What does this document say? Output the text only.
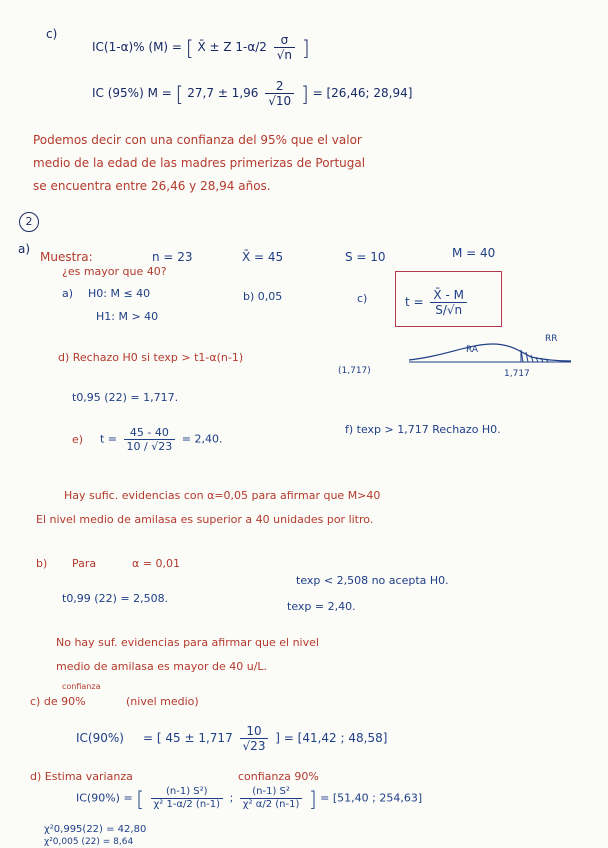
c)
IC(1-α)% (M) = [ X̄ ± Z $1-\alpha/2 \frac{\sigma}{√n}$ ]
IC (95%) M = [ $27,7 \pm 1,96 \frac{2}{√10}$ ] = [26,46; 28,94]
Podemos decir con una confianza del 95% que el valor
medio de la edad de las madres primerizas de Portugal
se encuentra entre 26,46 y 28,94 años.
2
a)
Muestra:	n = 23	X̄ = 45	S = 10	M = 40
¿es mayor que 40?
a) H0: M ≤ 40
H1: M > 40
b) 0,05	c)	$t = \frac{X̄ - M}{S/√n}$
d) Rechazo H0 si texp > t1-α(n-1)
(1,717)
RA
RR
1,717
t0,95 (22) = 1,717.
e) $t = \frac{45 - 40}{10 / √23} = 2,40$.
f) texp > 1,717 Rechazo H0.
Hay sufic. evidencias con α=0,05 para afirmar que M>40
El nivel medio de amilasa es superior a 40 unidades por litro.
b) Para	α = 0,01
texp < 2,508 no acepta H0.
t0,99 (22) = 2,508.
texp = 2,40.
No hay suf. evidencias para afirmar que el nivel
medio de amilasa es mayor de 40 u/L.
confianza
c) de 90%	(nivel medio)
IC(90%) = [ $45 \pm 1,717 \frac{10}{√23}$ ] = [41,42 ; 48,58]
d) Estima varianza	confianza 90%
IC(90%) = [ $\frac{\text{(n-1) S²)}}{\text{χ² 1-α/2 (n-1)}}$ ; $\frac{\text{(n-1) S²}}{\text{χ² α/2 (n-1)}}$ ] = [51,40 ; 254,63]
χ²0,995(22) = 42,80
χ²0,005 (22) = 8,64
